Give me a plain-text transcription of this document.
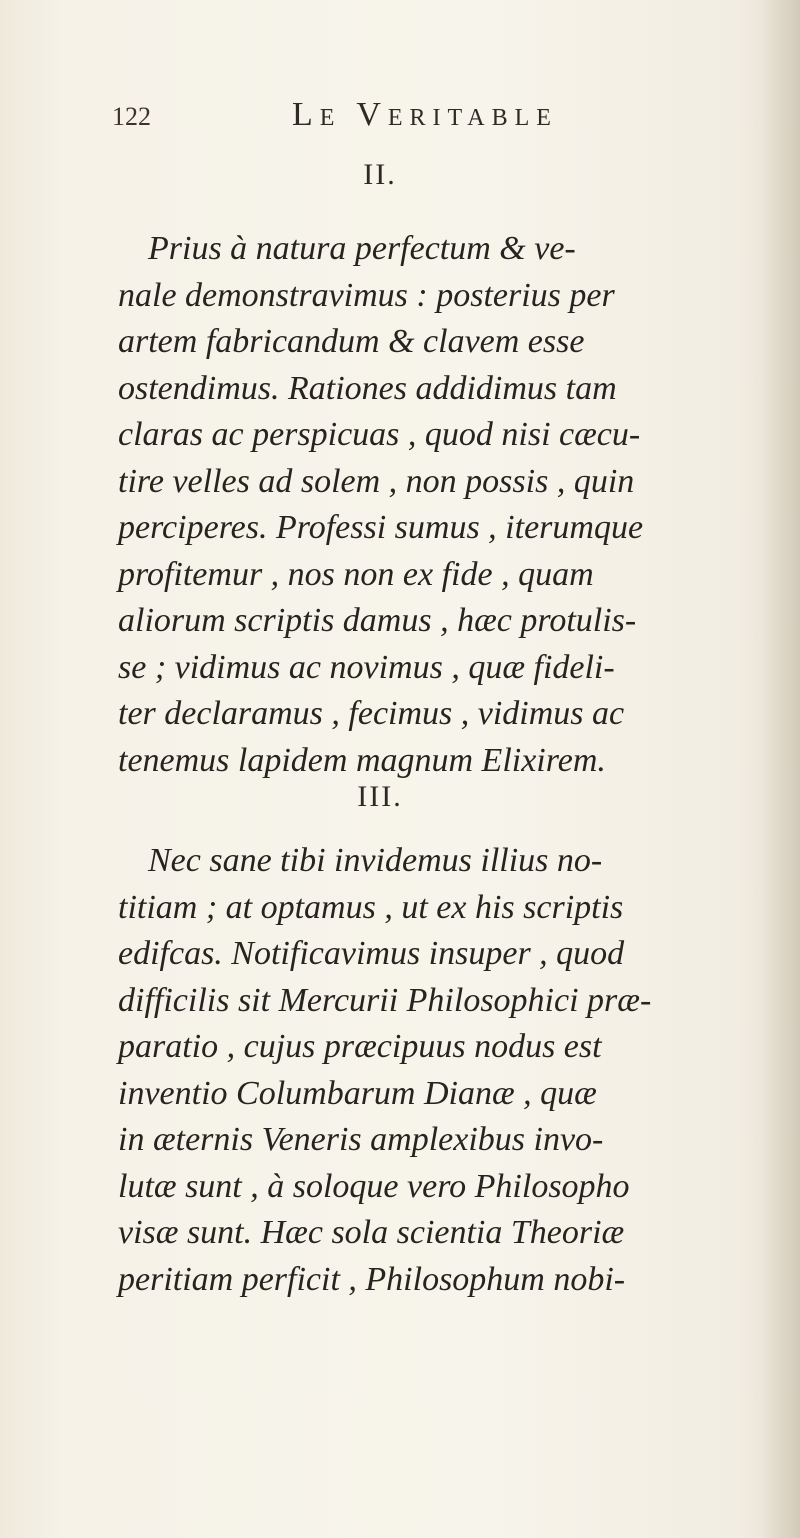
122	Le Veritable
II.
Prius à natura perfectum & ve-
nale demonstravimus : posterius per
artem fabricandum & clavem esse
ostendimus. Rationes addidimus tam
claras ac perspicuas , quod nisi cæcu-
tire velles ad solem , non possis , quin
perciperes. Professi sumus , iterumque
profitemur , nos non ex fide , quam
aliorum scriptis damus , hæc protulis-
se ; vidimus ac novimus , quæ fideli-
ter declaramus , fecimus , vidimus ac
tenemus lapidem magnum Elixirem.
III.
Nec sane tibi invidemus illius no-
titiam ; at optamus , ut ex his scriptis
edifcas. Notificavimus insuper , quod
difficilis sit Mercurii Philosophici præ-
paratio , cujus præcipuus nodus est
inventio Columbarum Dianæ , quæ
in æternis Veneris amplexibus invo-
lutæ sunt , à soloque vero Philosopho
visæ sunt. Hæc sola scientia Theoriæ
peritiam perficit , Philosophum nobi-
